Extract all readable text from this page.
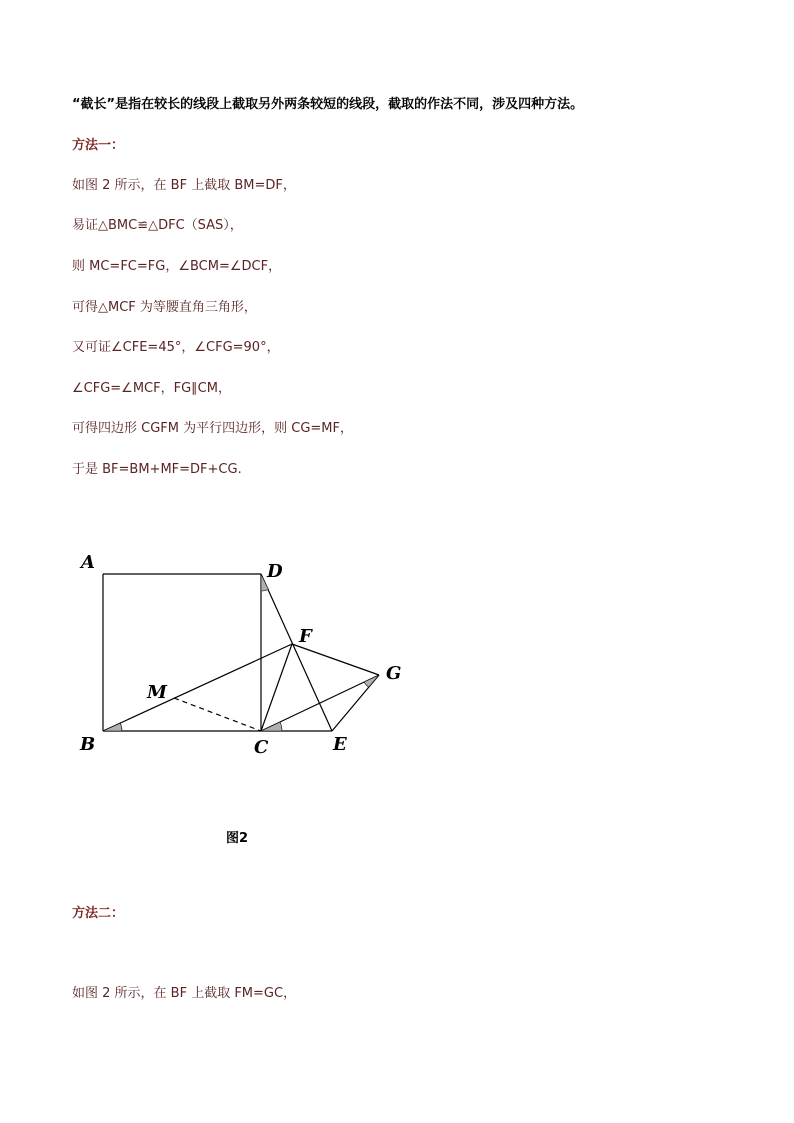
“截长”是指在较长的线段上截取另外两条较短的线段，截取的作法不同，涉及四种方法。
方法一：
如图 2 所示，在 BF 上截取 BM=DF，
易证△BMC≌△DFC（SAS），
则 MC=FC=FG，∠BCM=∠DCF，
可得△MCF 为等腰直角三角形，
又可证∠CFE=45°，∠CFG=90°，
∠CFG=∠MCF，FG∥CM，
可得四边形 CGFM 为平行四边形，则 CG=MF，
于是 BF=BM+MF=DF+CG.
A	D
F
G
M
B	C	E
图2
方法二：
如图 2 所示，在 BF 上截取 FM=GC，
